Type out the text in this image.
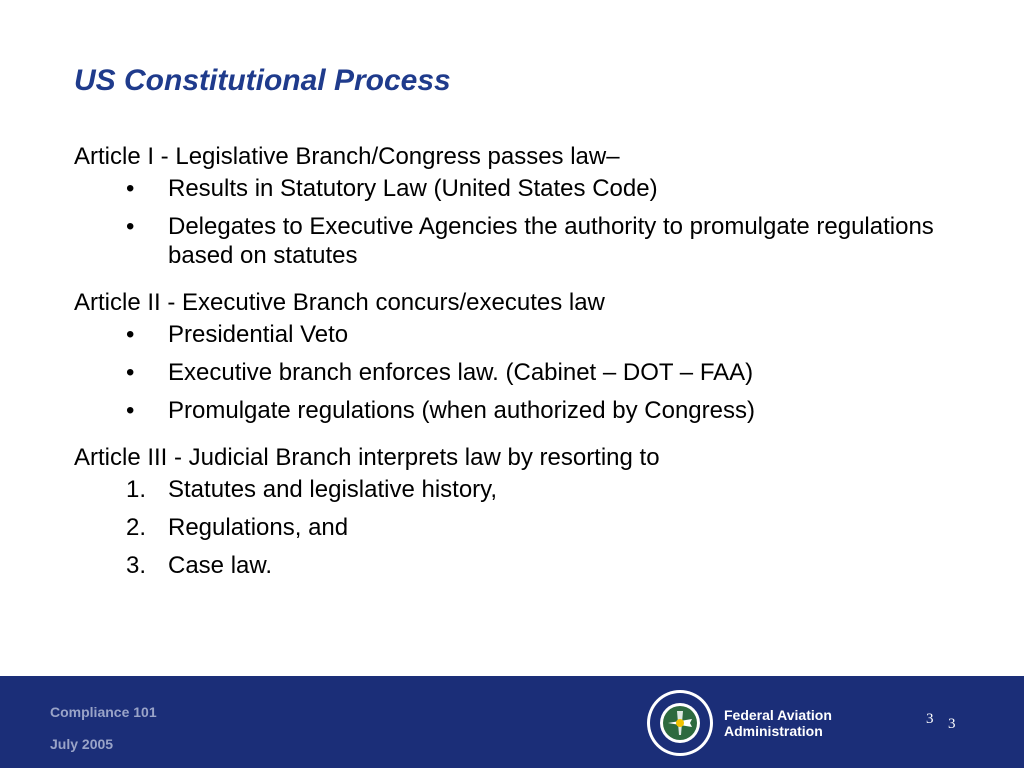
US Constitutional Process

Article I - Legislative Branch/Congress passes law–

• Results in Statutory Law (United States Code)
• Delegates to Executive Agencies the authority to promulgate regulations based on statutes

Article II - Executive Branch concurs/executes law

• Presidential Veto
• Executive branch enforces law. (Cabinet – DOT – FAA)
• Promulgate regulations (when authorized by Congress)

Article III - Judicial Branch interprets law by resorting to

1. Statutes and legislative history,
2. Regulations, and
3. Case law.
Compliance 101
July 2005
Federal Aviation
Administration
3 3
